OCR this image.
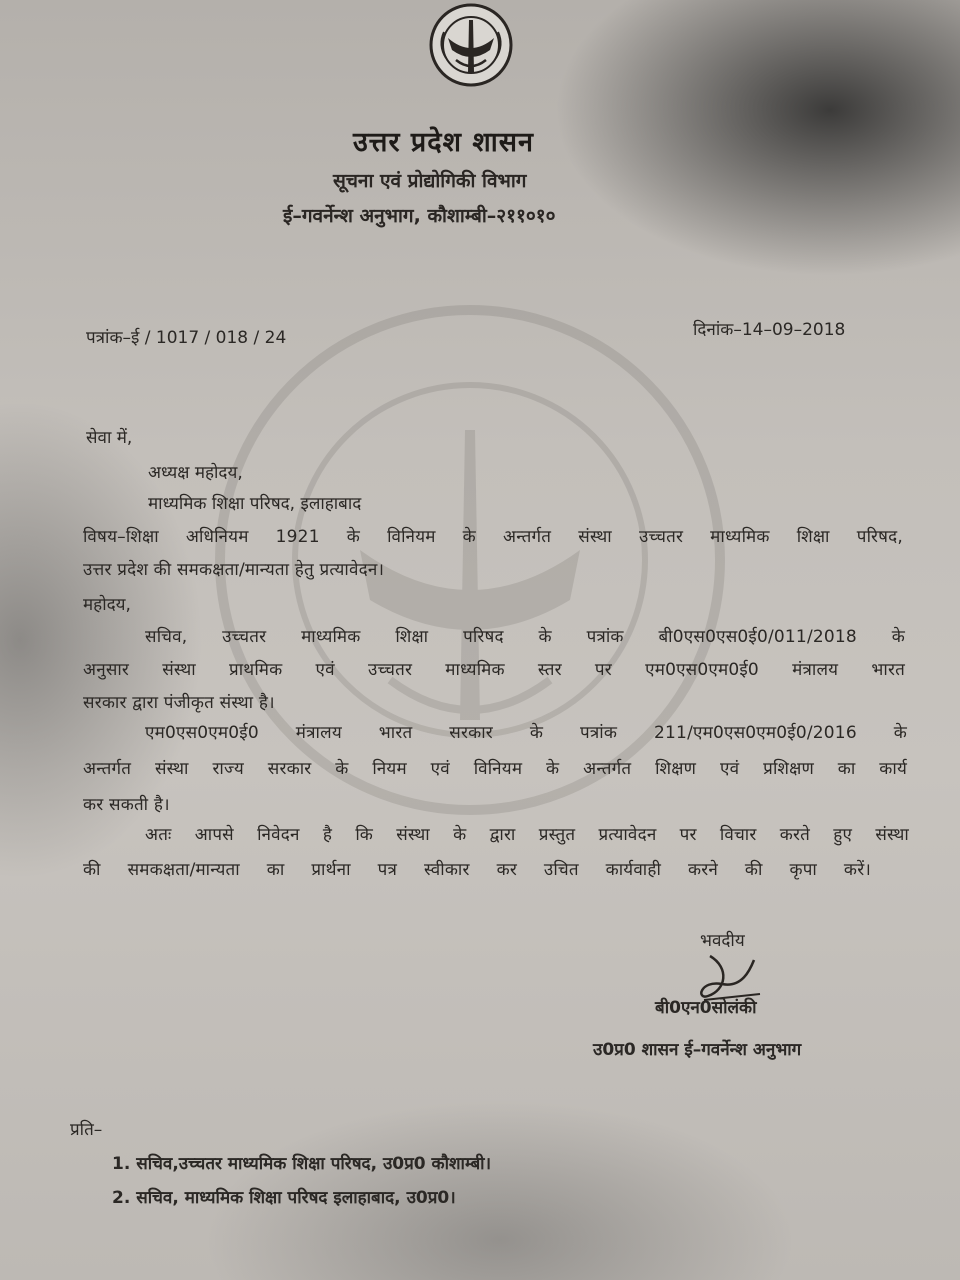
उत्तर प्रदेश शासन
सूचना एवं प्रोद्योगिकी विभाग
ई–गवर्नेन्श अनुभाग, कौशाम्बी–२११०१०
पत्रांक–ई / 1017 / 018 / 24	दिनांक–14–09–2018
सेवा में,
अध्यक्ष महोदय,
माध्यमिक शिक्षा परिषद, इलाहाबाद
विषय–शिक्षा अधिनियम 1921 के विनियम के अन्तर्गत संस्था उच्चतर माध्यमिक शिक्षा परिषद,
उत्तर प्रदेश की समकक्षता/मान्यता हेतु प्रत्यावेदन।
महोदय,
सचिव, उच्चतर माध्यमिक शिक्षा परिषद के पत्रांक बी0एस0एस0ई0/011/2018 के
अनुसार संस्था प्राथमिक एवं उच्चतर माध्यमिक स्तर पर एम0एस0एम0ई0 मंत्रालय भारत
सरकार द्वारा पंजीकृत संस्था है।
एम0एस0एम0ई0 मंत्रालय भारत सरकार के पत्रांक 211/एम0एस0एम0ई0/2016 के
अन्तर्गत संस्था राज्य सरकार के नियम एवं विनियम के अन्तर्गत शिक्षण एवं प्रशिक्षण का कार्य
कर सकती है।
अतः आपसे निवेदन है कि संस्था के द्वारा प्रस्तुत प्रत्यावेदन पर विचार करते हुए संस्था
की समकक्षता/मान्यता का प्रार्थना पत्र स्वीकार कर उचित कार्यवाही करने की कृपा करें।
भवदीय
बी0एन0सोलंकी
उ0प्र0 शासन ई–गवर्नेन्श अनुभाग
प्रति–
1. सचिव,उच्चतर माध्यमिक शिक्षा परिषद, उ0प्र0 कौशाम्बी।
2. सचिव, माध्यमिक शिक्षा परिषद इलाहाबाद, उ0प्र0।
